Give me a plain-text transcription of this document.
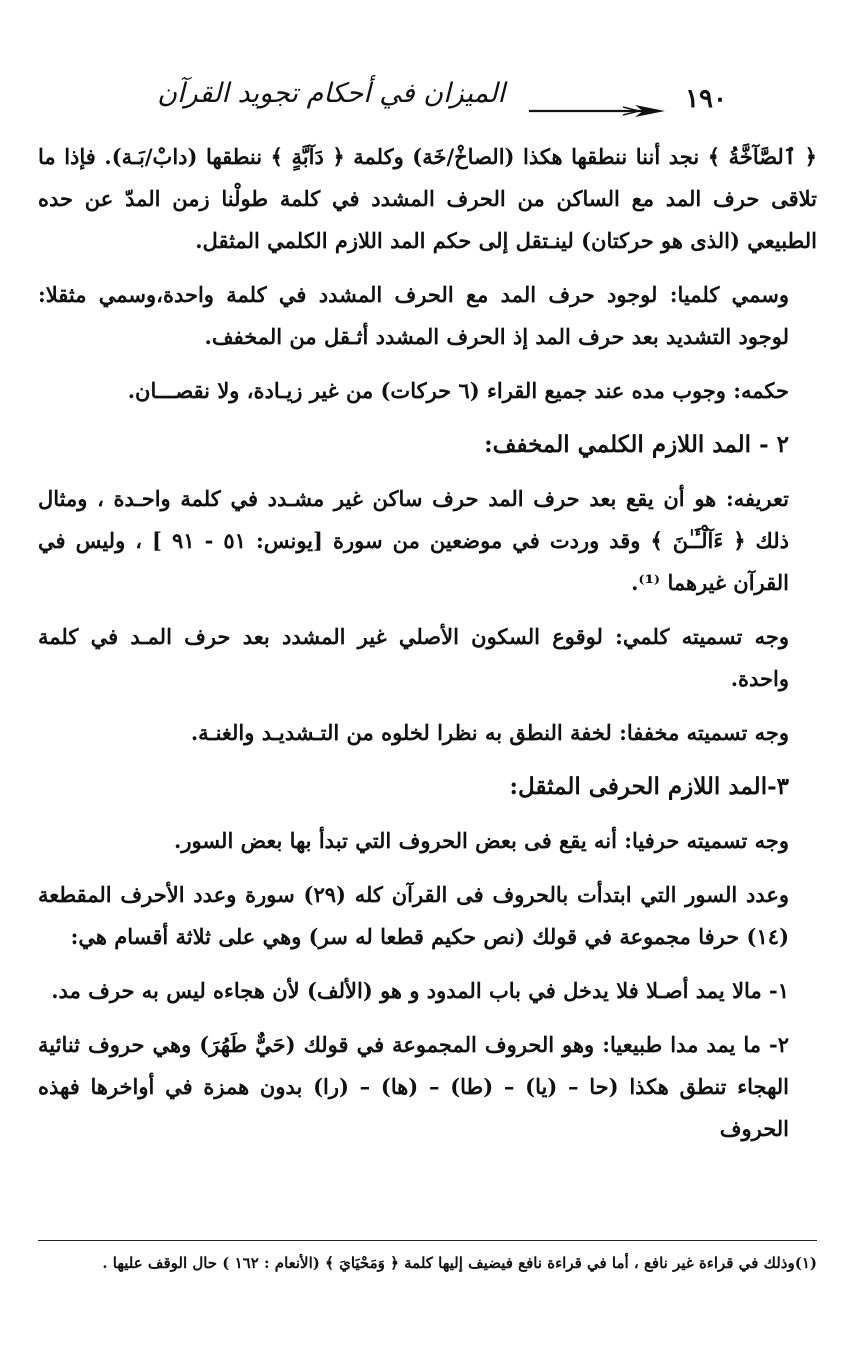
١٩٠
الميزان في أحكام تجويد القرآن

﴿ ٱلصَّآخَّةُ ﴾ نجد أننا ننطقها هكذا (الصاخْ/خَة) وكلمة ﴿ دَآبَّةٍ ﴾ ننطقها (دابْ/بَـة). فإذا ما تلاقى حرف المد مع الساكن من الحرف المشدد في كلمة طولْنا زمن المدّ عن حده الطبيعي (الذى هو حركتان) لينـتقل إلى حكم المد اللازم الكلمي المثقل.

وسمي كلميا: لوجود حرف المد مع الحرف المشدد في كلمة واحدة،وسمي مثقلا: لوجود التشديد بعد حرف المد إذ الحرف المشدد أثـقل من المخفف.

حكمه: وجوب مده عند جميع القراء (٦ حركات) من غير زيـادة، ولا نقصـــان.

٢ - المد اللازم الكلمي المخفف:

تعريفه: هو أن يقع بعد حرف المد حرف ساكن غير مشـدد في كلمة واحـدة ، ومثال ذلك ﴿ ءَآلْـَٔـٰنَ ﴾ وقد وردت في موضعين من سورة [يونس: ٥١ - ٩١ ] ، وليس في القرآن غيرهما ⁽¹⁾.

وجه تسميته كلمي: لوقوع السكون الأصلي غير المشدد بعد حرف المـد في كلمة واحدة.

وجه تسميته مخففا: لخفة النطق به نظرا لخلوه من التـشديـد والغنـة.

٣-المد اللازم الحرفى المثقل:

وجه تسميته حرفيا: أنه يقع فى بعض الحروف التي تبدأ بها بعض السور.

وعدد السور التي ابتدأت بالحروف فى القرآن كله (٢٩) سورة وعدد الأحرف المقطعة (١٤) حرفا مجموعة في قولك (نص حكيم قطعا له سر) وهي على ثلاثة أقسام هي:

١- مالا يمد أصـلا فلا يدخل في باب المدود و هو (الألف) لأن هجاءه ليس به حرف مد.

٢- ما يمد مدا طبيعيا: وهو الحروف المجموعة في قولك (حَيٌّ طَهُرَ) وهي حروف ثنائية الهجاء تنطق هكذا (حا – (يا) – (طا) – (ها) – (را) بدون همزة في أواخرها فهذه الحروف

(١)وذلك في قراءة غير نافع ، أما في قراءة نافع فيضيف إليها كلمة ﴿ وَمَحْيَايَ ﴾ (الأنعام : ١٦٢ ) حال الوقف عليها .
